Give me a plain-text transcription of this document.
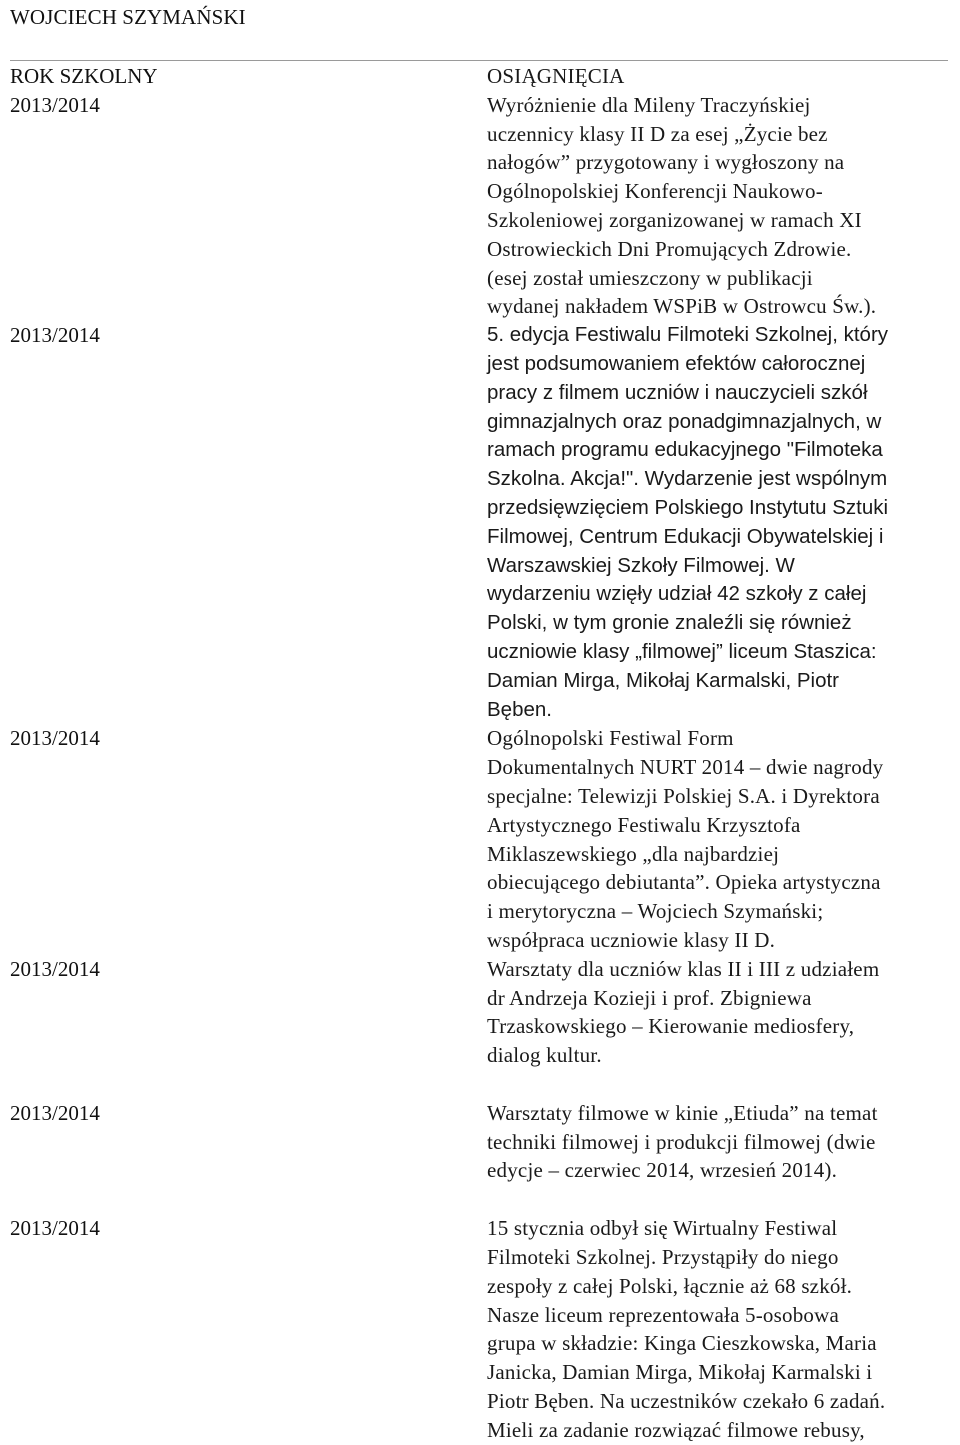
WOJCIECH SZYMAŃSKI
ROK SZKOLNY	OSIĄGNIĘCIA
2013/2014	Wyróżnienie dla Mileny Traczyńskiej
uczennicy klasy II D za esej „Życie bez
nałogów” przygotowany i wygłoszony na
Ogólnopolskiej Konferencji Naukowo-
Szkoleniowej zorganizowanej w ramach XI
Ostrowieckich Dni Promujących Zdrowie.
(esej został umieszczony w publikacji
wydanej nakładem WSPiB w Ostrowcu Św.).
2013/2014	5. edycja Festiwalu Filmoteki Szkolnej, który
jest podsumowaniem efektów całorocznej
pracy z filmem uczniów i nauczycieli szkół
gimnazjalnych oraz ponadgimnazjalnych, w
ramach programu edukacyjnego "Filmoteka
Szkolna. Akcja!". Wydarzenie jest wspólnym
przedsięwzięciem Polskiego Instytutu Sztuki
Filmowej, Centrum Edukacji Obywatelskiej i
Warszawskiej Szkoły Filmowej. W
wydarzeniu wzięły udział 42 szkoły z całej
Polski, w tym gronie znaleźli się również
uczniowie klasy „filmowej” liceum Staszica:
Damian Mirga, Mikołaj Karmalski, Piotr
Bęben.
2013/2014	Ogólnopolski Festiwal Form
Dokumentalnych NURT 2014 – dwie nagrody
specjalne: Telewizji Polskiej S.A. i Dyrektora
Artystycznego Festiwalu Krzysztofa
Miklaszewskiego „dla najbardziej
obiecującego debiutanta”. Opieka artystyczna
i merytoryczna – Wojciech Szymański;
współpraca uczniowie klasy II D.
2013/2014	Warsztaty dla uczniów klas II i III z udziałem
dr Andrzeja Kozieji i prof. Zbigniewa
Trzaskowskiego – Kierowanie mediosfery,
dialog kultur.
2013/2014	Warsztaty filmowe w kinie „Etiuda” na temat
techniki filmowej i produkcji filmowej (dwie
edycje – czerwiec 2014, wrzesień 2014).
2013/2014	15 stycznia odbył się Wirtualny Festiwal
Filmoteki Szkolnej. Przystąpiły do niego
zespoły z całej Polski, łącznie aż 68 szkół.
Nasze liceum reprezentowała 5-osobowa
grupa w składzie: Kinga Cieszkowska, Maria
Janicka, Damian Mirga, Mikołaj Karmalski i
Piotr Bęben. Na uczestników czekało 6 zadań.
Mieli za zadanie rozwiązać filmowe rebusy,
